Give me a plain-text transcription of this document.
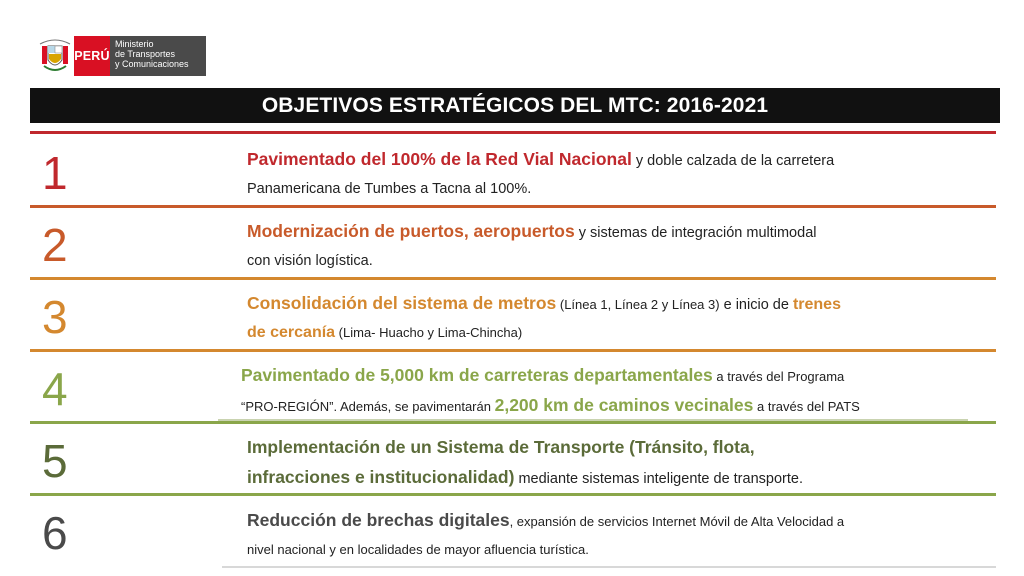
PERÚ
Ministerio
de Transportes
y Comunicaciones
OBJETIVOS ESTRATÉGICOS DEL MTC: 2016-2021
1	Pavimentado del 100% de la Red Vial Nacional y doble calzada de la carretera
Panamericana de Tumbes a Tacna al 100%.
2	Modernización de puertos, aeropuertos y sistemas de integración multimodal
con visión logística.
3	Consolidación del sistema de metros (Línea 1, Línea 2 y Línea 3) e inicio de trenes
de cercanía (Lima- Huacho y Lima-Chincha)
4	Pavimentado de 5,000 km de carreteras departamentales a través del Programa
“PRO-REGIÓN”. Además, se pavimentarán 2,200 km de caminos vecinales a través del PATS
5	Implementación de un Sistema de Transporte (Tránsito, flota,
infracciones e institucionalidad) mediante sistemas inteligente de transporte.
6	Reducción de brechas digitales, expansión de servicios Internet Móvil de Alta Velocidad a
nivel nacional y en localidades de mayor afluencia turística.
